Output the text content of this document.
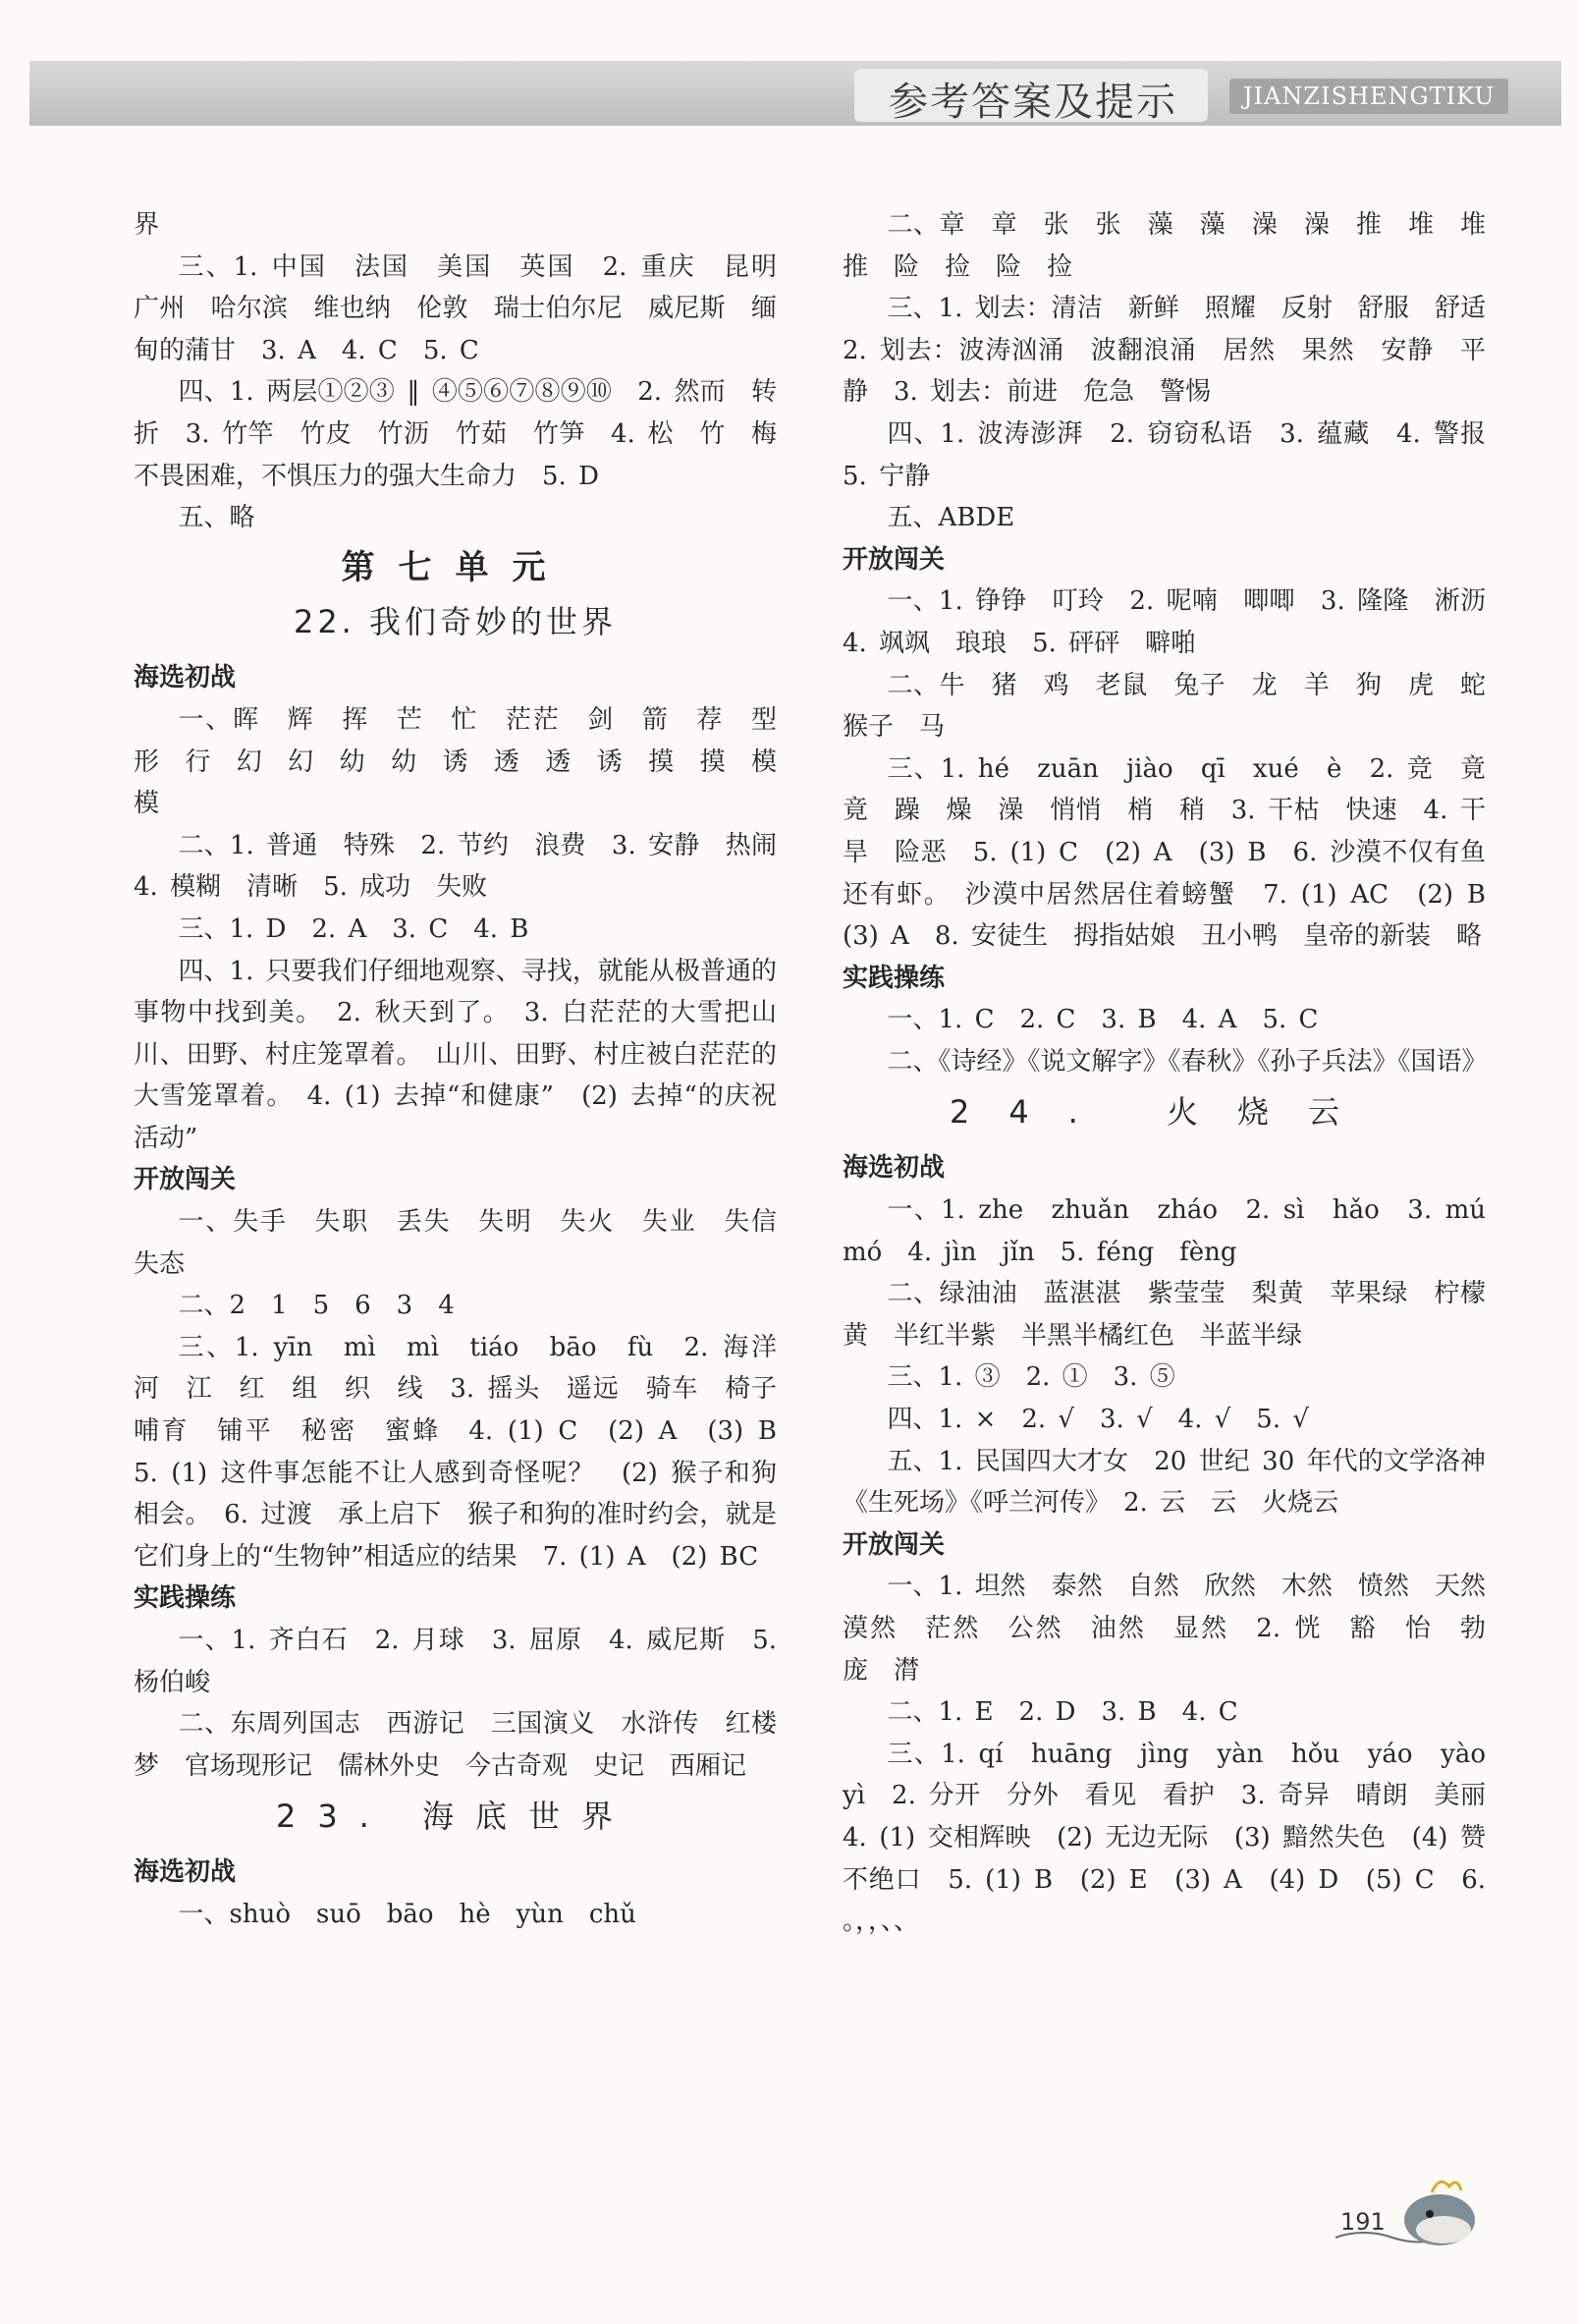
参考答案及提示	JIANZISHENGTIKU
界
三、1. 中国　法国　美国　英国　2. 重庆　昆明　广州　哈尔滨　维也纳　伦敦　瑞士伯尔尼　威尼斯　缅甸的蒲甘　3. A　4. C　5. C
四、1. 两层①②③ ‖ ④⑤⑥⑦⑧⑨⑩　2. 然而　转折　3. 竹竿　竹皮　竹沥　竹茹　竹笋　4. 松　竹　梅　不畏困难，不惧压力的强大生命力　5. D
五、略
第七单元
22. 我们奇妙的世界
海选初战
一、晖　辉　挥　芒　忙　茫茫　剑　箭　荐　型　形　行　幻　幻　幼　幼　诱　透　透　诱　摸　摸　模　模
二、1. 普通　特殊　2. 节约　浪费　3. 安静　热闹　4. 模糊　清晰　5. 成功　失败
三、1. D　2. A　3. C　4. B
四、1. 只要我们仔细地观察、寻找，就能从极普通的事物中找到美。　2. 秋天到了。　3. 白茫茫的大雪把山川、田野、村庄笼罩着。　山川、田野、村庄被白茫茫的大雪笼罩着。　4. (1) 去掉“和健康”　(2) 去掉“的庆祝活动”
开放闯关
一、失手　失职　丢失　失明　失火　失业　失信　失态
二、2　1　5　6　3　4
三、1. yīn　mì　mì　tiáo　bāo　fù　2. 海洋　河　江　红　组　织　线　3. 摇头　遥远　骑车　椅子　哺育　铺平　秘密　蜜蜂　4. (1) C　(2) A　(3) B　5. (1) 这件事怎能不让人感到奇怪呢？　(2) 猴子和狗相会。　6. 过渡　承上启下　猴子和狗的准时约会，就是它们身上的“生物钟”相适应的结果　7. (1) A　(2) BC
实践操练
一、1. 齐白石　2. 月球　3. 屈原　4. 威尼斯　5. 杨伯峻
二、东周列国志　西游记　三国演义　水浒传　红楼梦　官场现形记　儒林外史　今古奇观　史记　西厢记
23. 海底世界
海选初战
一、shuò　suō　bāo　hè　yùn　chǔ
二、章　章　张　张　藻　藻　澡　澡　推　堆　堆　推　险　捡　险　捡
三、1. 划去：清洁　新鲜　照耀　反射　舒服　舒适　2. 划去：波涛汹涌　波翻浪涌　居然　果然　安静　平静　3. 划去：前进　危急　警惕
四、1. 波涛澎湃　2. 窃窃私语　3. 蕴藏　4. 警报　5. 宁静
五、ABDE
开放闯关
一、1. 铮铮　叮玲　2. 呢喃　唧唧　3. 隆隆　淅沥　4. 飒飒　琅琅　5. 砰砰　噼啪
二、牛　猪　鸡　老鼠　兔子　龙　羊　狗　虎　蛇　猴子　马
三、1. hé　zuān　jiào　qī　xué　è　2. 竞　竟　竟　躁　燥　澡　悄悄　梢　稍　3. 干枯　快速　4. 干旱　险恶　5. (1) C　(2) A　(3) B　6. 沙漠不仅有鱼还有虾。　沙漠中居然居住着螃蟹　7. (1) AC　(2) B　(3) A　8. 安徒生　拇指姑娘　丑小鸭　皇帝的新装　略
实践操练
一、1. C　2. C　3. B　4. A　5. C
二、《诗经》《说文解字》《春秋》《孙子兵法》《国语》
24. 火烧云
海选初战
一、1. zhe　zhuǎn　zháo　2. sì　hǎo　3. mú　mó　4. jìn　jǐn　5. féng　fèng
二、绿油油　蓝湛湛　紫莹莹　梨黄　苹果绿　柠檬黄　半红半紫　半黑半橘红色　半蓝半绿
三、1. ③　2. ①　3. ⑤
四、1. ×　2. √　3. √　4. √　5. √
五、1. 民国四大才女　20 世纪 30 年代的文学洛神　《生死场》《呼兰河传》　2. 云　云　火烧云
开放闯关
一、1. 坦然　泰然　自然　欣然　木然　愤然　天然　漠然　茫然　公然　油然　显然　2. 恍　豁　怡　勃　庞　潸
二、1. E　2. D　3. B　4. C
三、1. qí　huāng　jìng　yàn　hǒu　yáo　yào　yì　2. 分开　分外　看见　看护　3. 奇异　晴朗　美丽　4. (1) 交相辉映　(2) 无边无际　(3) 黯然失色　(4) 赞不绝口　5. (1) B　(2) E　(3) A　(4) D　(5) C　6. 。，，、、
191
